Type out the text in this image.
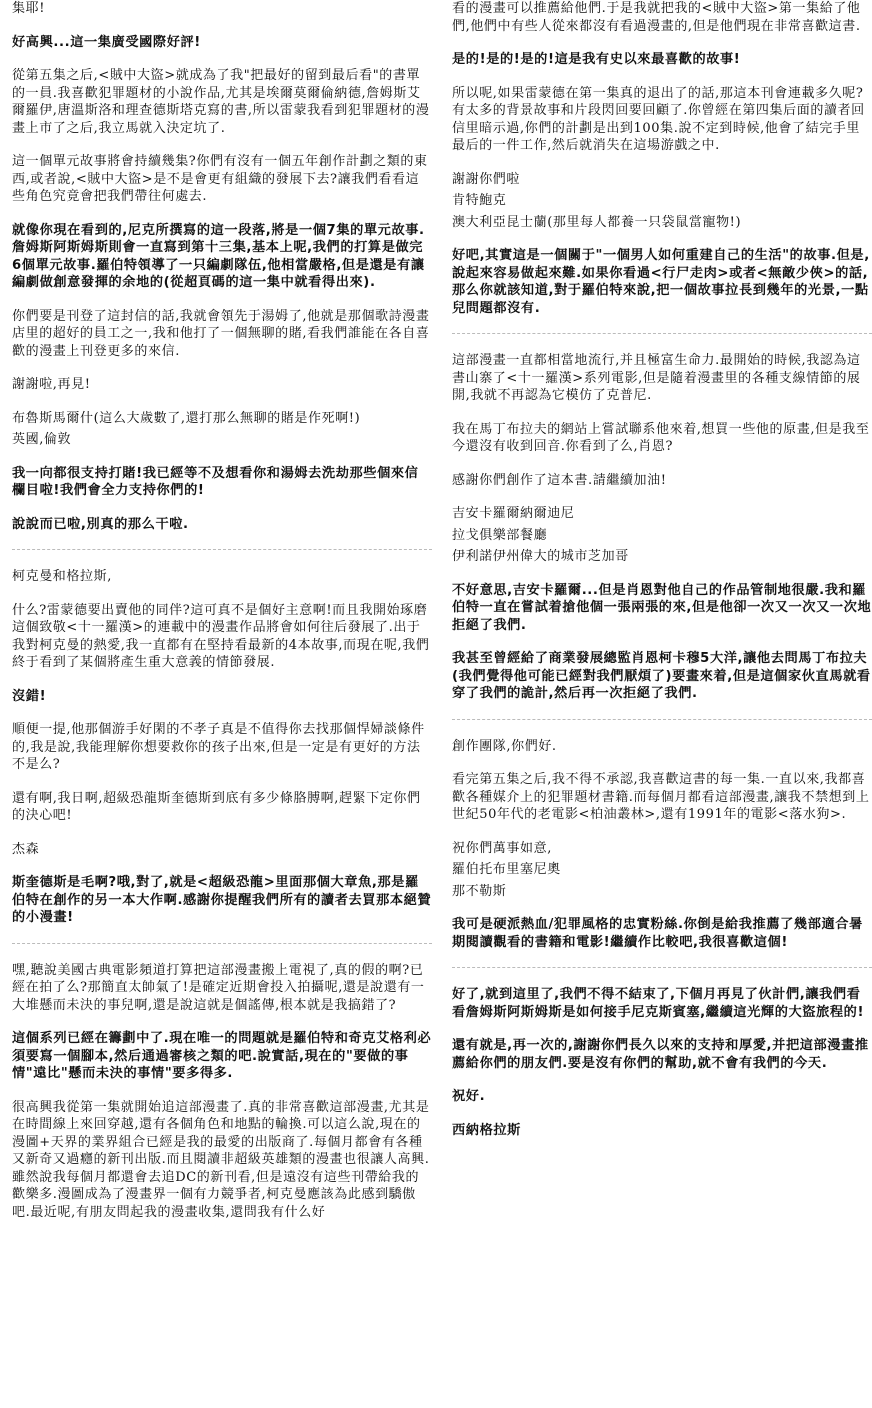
集耶!

好高興...這一集廣受國際好評!

從第五集之后,<賊中大盜>就成為了我"把最好的留到最后看"的書單的一員.我喜歡犯罪題材的小說作品,尤其是埃爾莫爾倫納德,詹姆斯艾爾羅伊,唐溫斯洛和理查德斯塔克寫的書,所以雷蒙我看到犯罪題材的漫畫上市了之后,我立馬就入決定坑了.

這一個單元故事將會持續幾集?你們有沒有一個五年創作計劃之類的東西,或者說,<賊中大盜>是不是會更有組織的發展下去?讓我們看看這些角色究竟會把我們帶往何處去.

就像你現在看到的,尼克所撰寫的這一段落,將是一個7集的單元故事.詹姆斯阿斯姆斯則會一直寫到第十三集,基本上呢,我們的打算是做完6個單元故事.羅伯特領導了一只編劇隊伍,他相當嚴格,但是還是有讓編劇做創意發揮的余地的(從超頁碼的這一集中就看得出來).

你們要是刊登了這封信的話,我就會領先于湯姆了,他就是那個歌詩漫畫店里的超好的員工之一,我和他打了一個無聊的賭,看我們誰能在各自喜歡的漫畫上刊登更多的來信.

謝謝啦,再見!

布魯斯馬爾什(這么大歲數了,還打那么無聊的賭是作死啊!)

英國,倫敦

我一向都很支持打賭!我已經等不及想看你和湯姆去洗劫那些個來信欄目啦!我們會全力支持你們的!

說說而已啦,別真的那么干啦.

柯克曼和格拉斯,

什么?雷蒙德要出賣他的同伴?這可真不是個好主意啊!而且我開始琢磨這個致敬<十一羅漢>的連載中的漫畫作品將會如何往后發展了.出于我對柯克曼的熱愛,我一直都有在堅持看最新的4本故事,而現在呢,我們終于看到了某個將產生重大意義的情節發展.

沒錯!

順便一提,他那個游手好閑的不孝子真是不值得你去找那個悍婦談條件的,我是說,我能理解你想要救你的孩子出來,但是一定是有更好的方法不是么?

還有啊,我日啊,超級恐龍斯奎德斯到底有多少條胳膊啊,趕緊下定你們的決心吧!

杰森

斯奎德斯是毛啊?哦,對了,就是<超級恐龍>里面那個大章魚,那是羅伯特在創作的另一本大作啊.感謝你提醒我們所有的讀者去買那本絕贊的小漫畫!

嘿,聽說美國古典電影頻道打算把這部漫畫搬上電視了,真的假的啊?已經在拍了么?那簡直太帥氣了!是確定近期會投入拍攝呢,還是說還有一大堆懸而未決的事兒啊,還是說這就是個謠傳,根本就是我搞錯了?

這個系列已經在籌劃中了.現在唯一的問題就是羅伯特和奇克艾格利必須要寫一個腳本,然后通過審核之類的吧.說實話,現在的"要做的事情"遠比"懸而未決的事情"要多得多.

很高興我從第一集就開始追這部漫畫了.真的非常喜歡這部漫畫,尤其是在時間線上來回穿越,還有各個角色和地點的輪換.可以這么說,現在的漫圖+天界的業界組合已經是我的最愛的出版商了.每個月都會有各種又新奇又過癮的新刊出版.而且閱讀非超級英雄類的漫畫也很讓人高興.雖然說我每個月都還會去追DC的新刊看,但是遠沒有這些刊帶給我的歡樂多.漫圖成為了漫畫界一個有力競爭者,柯克曼應該為此感到驕傲吧.最近呢,有朋友問起我的漫畫收集,還問我有什么好

看的漫畫可以推薦給他們.于是我就把我的<賊中大盜>第一集給了他們,他們中有些人從來都沒有看過漫畫的,但是他們現在非常喜歡這書.

是的!是的!是的!這是我有史以來最喜歡的故事!

所以呢,如果雷蒙德在第一集真的退出了的話,那這本刊會連載多久呢?有太多的背景故事和片段閃回要回顧了.你曾經在第四集后面的讀者回信里暗示過,你們的計劃是出到100集.說不定到時候,他會了結完手里最后的一件工作,然后就消失在這場游戲之中.

謝謝你們啦

肯特鮑克

澳大利亞昆士蘭(那里每人都養一只袋鼠當寵物!)

好吧,其實這是一個關于"一個男人如何重建自己的生活"的故事.但是,說起來容易做起來難.如果你看過<行尸走肉>或者<無敵少俠>的話,那么你就該知道,對于羅伯特來說,把一個故事拉長到幾年的光景,一點兒問題都沒有.

這部漫畫一直都相當地流行,并且極富生命力.最開始的時候,我認為這書山寨了<十一羅漢>系列電影,但是隨着漫畫里的各種支線情節的展開,我就不再認為它模仿了克普尼.

我在馬丁布拉夫的網站上嘗試聯系他來着,想買一些他的原畫,但是我至今還沒有收到回音.你看到了么,肖恩?

感謝你們創作了這本書.請繼續加油!

吉安卡羅爾納爾迪尼

拉戈俱樂部餐廳

伊利諾伊州偉大的城市芝加哥

不好意思,吉安卡羅爾...但是肖恩對他自己的作品管制地很嚴.我和羅伯特一直在嘗試着搶他個一張兩張的來,但是他卻一次又一次又一次地拒絕了我們.

我甚至曾經給了商業發展總監肖恩柯卡穆5大洋,讓他去問馬丁布拉夫(我們覺得他可能已經對我們厭煩了)要畫來着,但是這個家伙直馬就看穿了我們的詭計,然后再一次拒絕了我們.

創作團隊,你們好.

看完第五集之后,我不得不承認,我喜歡這書的每一集.一直以來,我都喜歡各種媒介上的犯罪題材書籍.而每個月都看這部漫畫,讓我不禁想到上世紀50年代的老電影<柏油叢林>,還有1991年的電影<落水狗>.

祝你們萬事如意,

羅伯托布里塞尼奧

那不勒斯

我可是硬派熱血/犯罪風格的忠實粉絲.你倒是給我推薦了幾部適合暑期閱讀觀看的書籍和電影!繼續作比較吧,我很喜歡這個!

好了,就到這里了,我們不得不結束了,下個月再見了伙計們,讓我們看看詹姆斯阿斯姆斯是如何接手尼克斯賓塞,繼續這光輝的大盜旅程的!

還有就是,再一次的,謝謝你們長久以來的支持和厚愛,并把這部漫畫推薦給你們的朋友們.要是沒有你們的幫助,就不會有我們的今天.

祝好.

西納格拉斯
